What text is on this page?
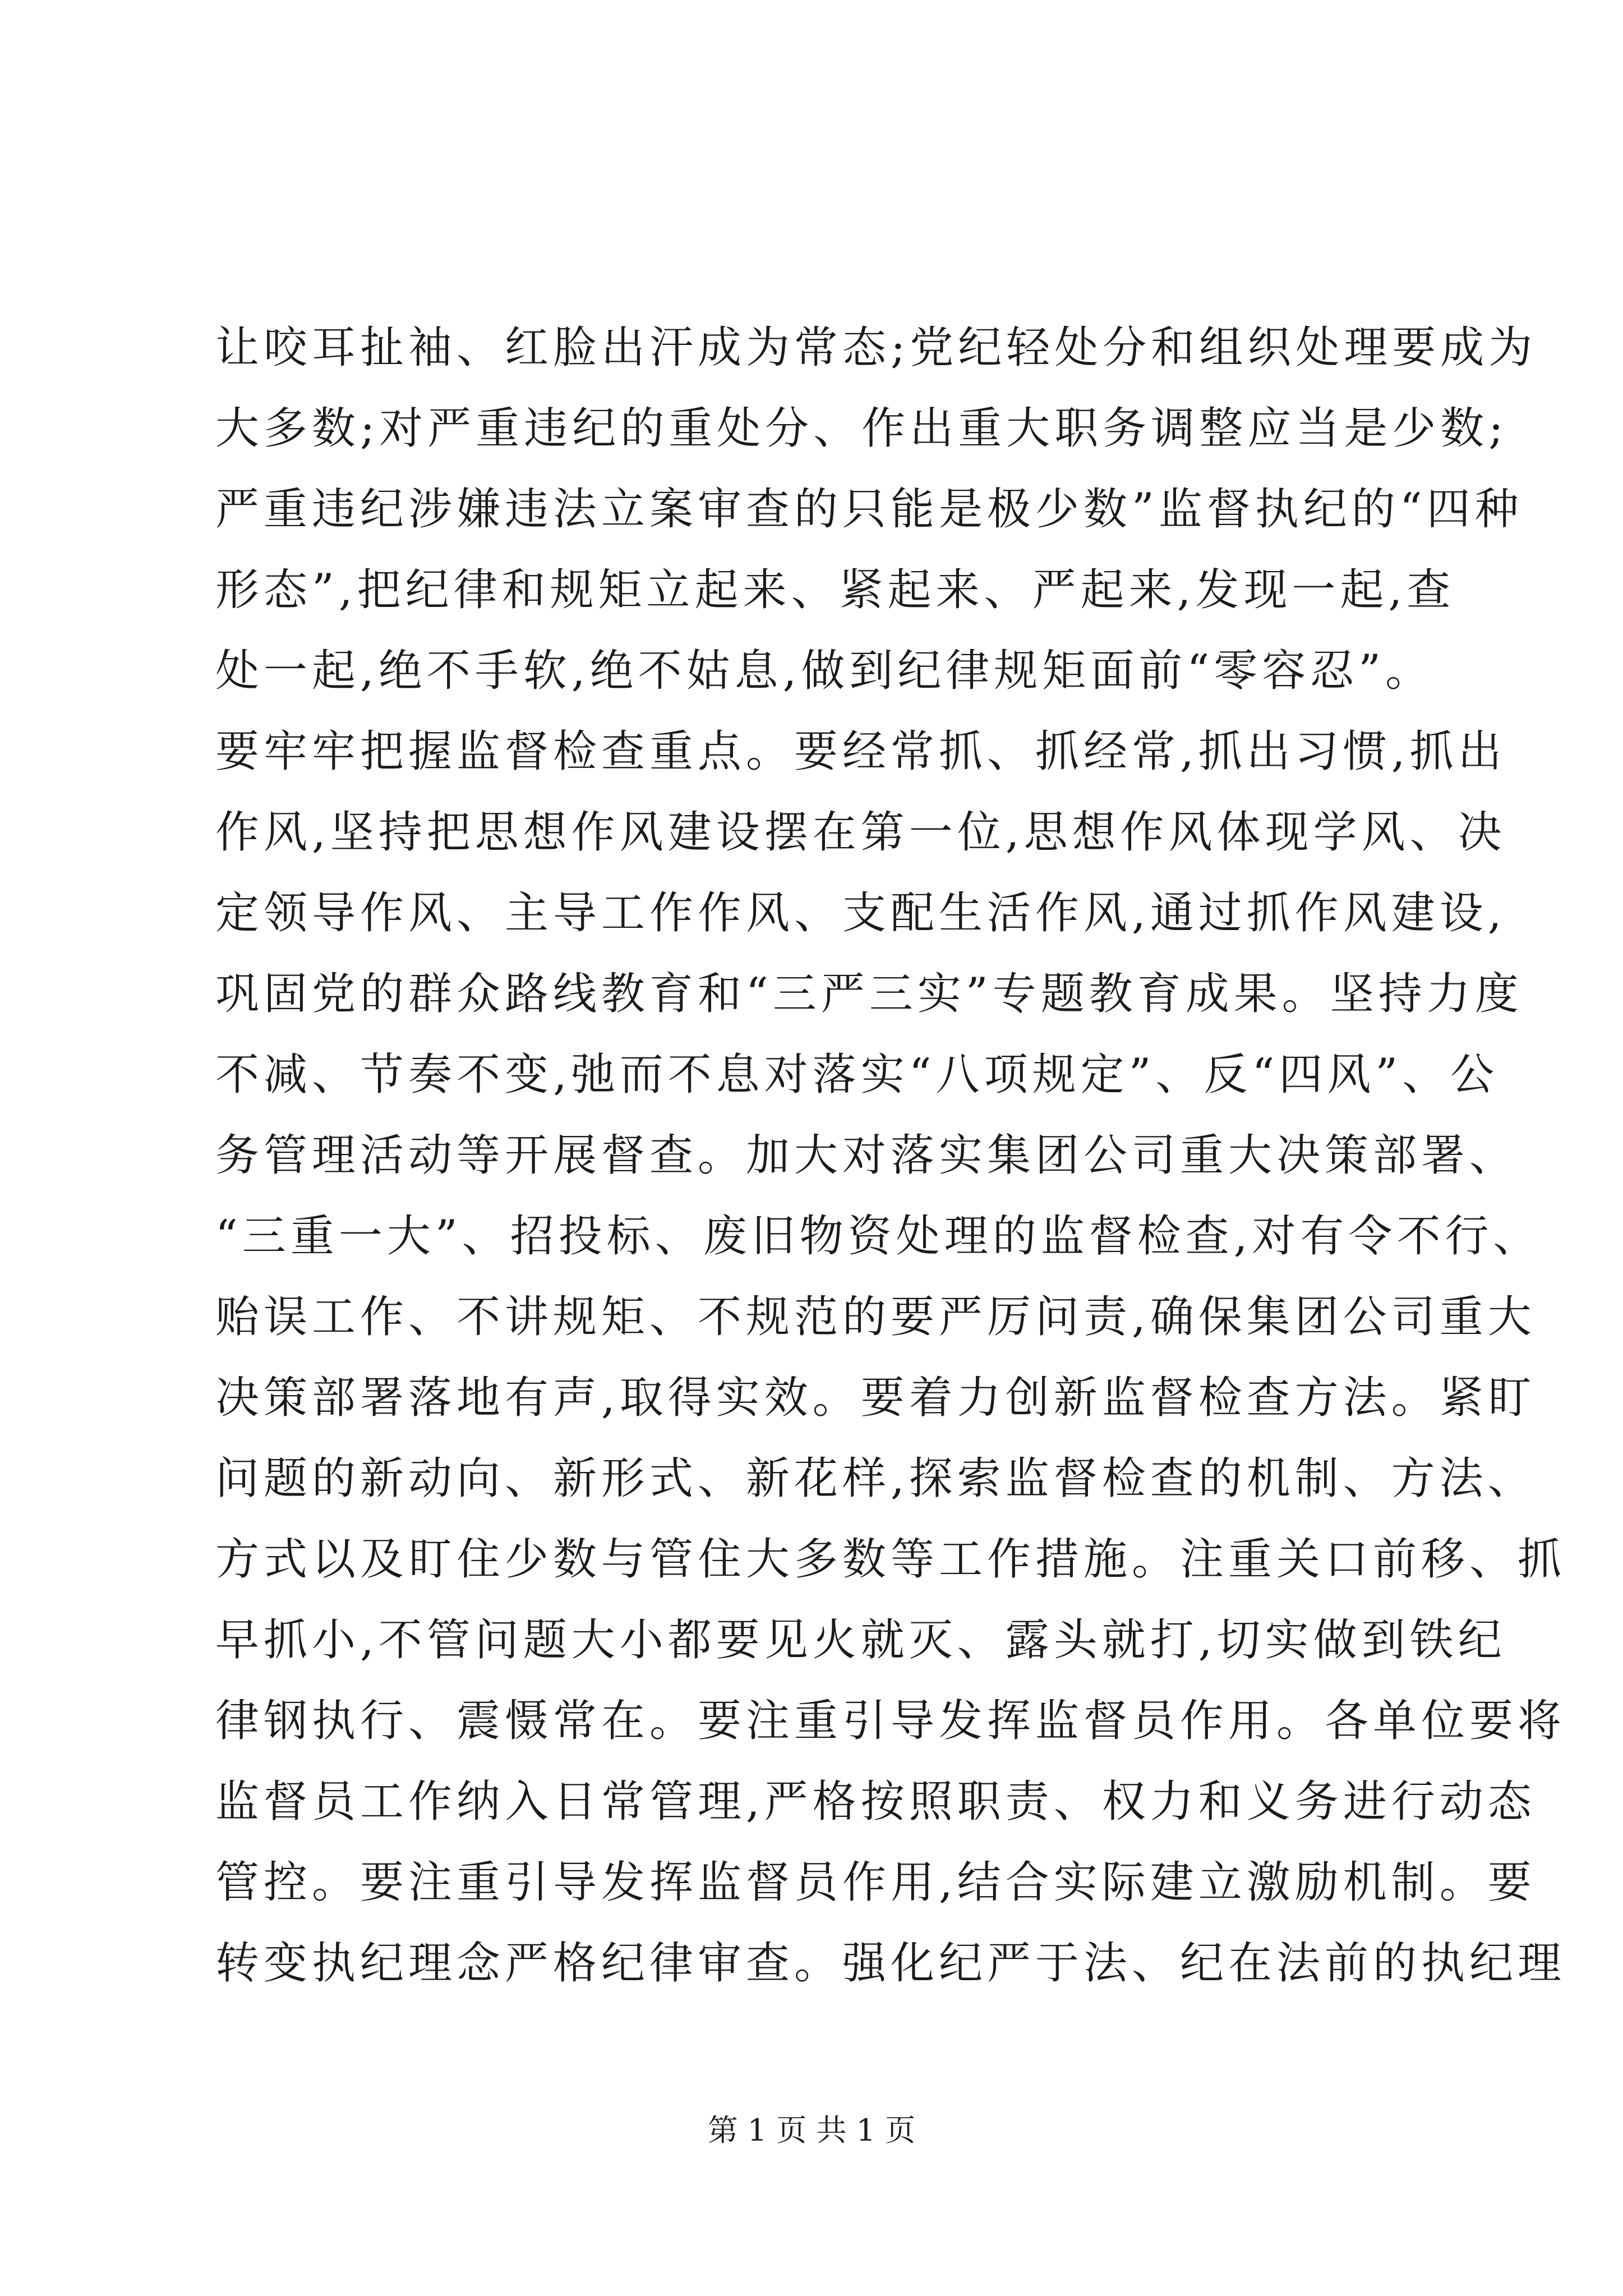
让咬耳扯袖、红脸出汗成为常态;党纪轻处分和组织处理要成为
大多数;对严重违纪的重处分、作出重大职务调整应当是少数;
严重违纪涉嫌违法立案审查的只能是极少数”监督执纪的“四种
形态”,把纪律和规矩立起来、紧起来、严起来,发现一起,查
处一起,绝不手软,绝不姑息,做到纪律规矩面前“零容忍”。
要牢牢把握监督检查重点。要经常抓、抓经常,抓出习惯,抓出
作风,坚持把思想作风建设摆在第一位,思想作风体现学风、决
定领导作风、主导工作作风、支配生活作风,通过抓作风建设,
巩固党的群众路线教育和“三严三实”专题教育成果。坚持力度
不减、节奏不变,弛而不息对落实“八项规定”、反“四风”、公
务管理活动等开展督查。加大对落实集团公司重大决策部署、
“三重一大”、招投标、废旧物资处理的监督检查,对有令不行、
贻误工作、不讲规矩、不规范的要严厉问责,确保集团公司重大
决策部署落地有声,取得实效。要着力创新监督检查方法。紧盯
问题的新动向、新形式、新花样,探索监督检查的机制、方法、
方式以及盯住少数与管住大多数等工作措施。注重关口前移、抓
早抓小,不管问题大小都要见火就灭、露头就打,切实做到铁纪
律钢执行、震慑常在。要注重引导发挥监督员作用。各单位要将
监督员工作纳入日常管理,严格按照职责、权力和义务进行动态
管控。要注重引导发挥监督员作用,结合实际建立激励机制。要
转变执纪理念严格纪律审查。强化纪严于法、纪在法前的执纪理
第 1 页 共 1 页
